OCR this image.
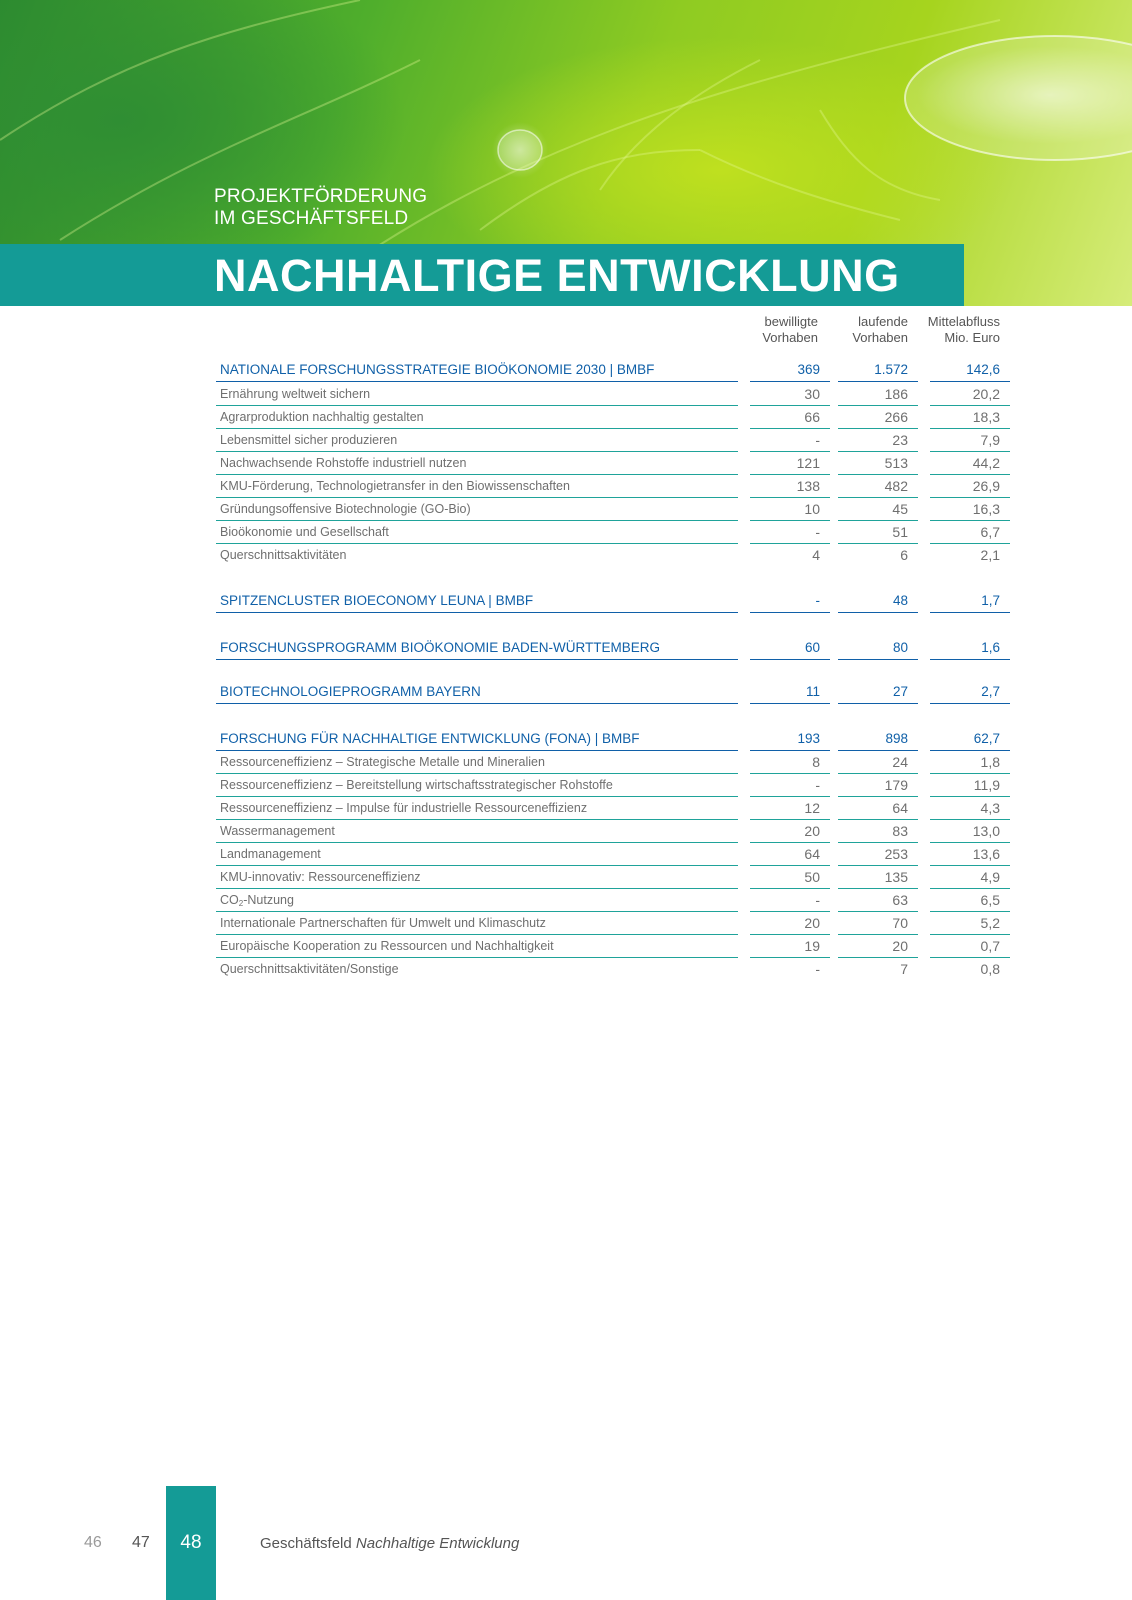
PROJEKTFÖRDERUNG
IM GESCHÄFTSFELD
NACHHALTIGE ENTWICKLUNG
bewilligte
Vorhaben
laufende
Vorhaben
Mittelabfluss
Mio. Euro
NATIONALE FORSCHUNGSSTRATEGIE BIOÖKONOMIE 2030 | BMBF	369	1.572	142,6
Ernährung weltweit sichern	30	186	20,2
Agrarproduktion nachhaltig gestalten	66	266	18,3
Lebensmittel sicher produzieren	-	23	7,9
Nachwachsende Rohstoffe industriell nutzen	121	513	44,2
KMU-Förderung, Technologietransfer in den Biowissenschaften	138	482	26,9
Gründungsoffensive Biotechnologie (GO-Bio)	10	45	16,3
Bioökonomie und Gesellschaft	-	51	6,7
Querschnittsaktivitäten	4	6	2,1
SPITZENCLUSTER BIOECONOMY LEUNA | BMBF	-	48	1,7
FORSCHUNGSPROGRAMM BIOÖKONOMIE BADEN-WÜRTTEMBERG	60	80	1,6
BIOTECHNOLOGIEPROGRAMM BAYERN	11	27	2,7
FORSCHUNG FÜR NACHHALTIGE ENTWICKLUNG (FONA) | BMBF	193	898	62,7
Ressourceneffizienz – Strategische Metalle und Mineralien	8	24	1,8
Ressourceneffizienz – Bereitstellung wirtschaftsstrategischer Rohstoffe	-	179	11,9
Ressourceneffizienz – Impulse für industrielle Ressourceneffizienz	12	64	4,3
Wassermanagement	20	83	13,0
Landmanagement	64	253	13,6
KMU-innovativ: Ressourceneffizienz	50	135	4,9
$CO_2$-Nutzung	-	63	6,5
Internationale Partnerschaften für Umwelt und Klimaschutz	20	70	5,2
Europäische Kooperation zu Ressourcen und Nachhaltigkeit	19	20	0,7
Querschnittsaktivitäten/Sonstige	-	7	0,8
46 47	48	Geschäftsfeld Nachhaltige Entwicklung
